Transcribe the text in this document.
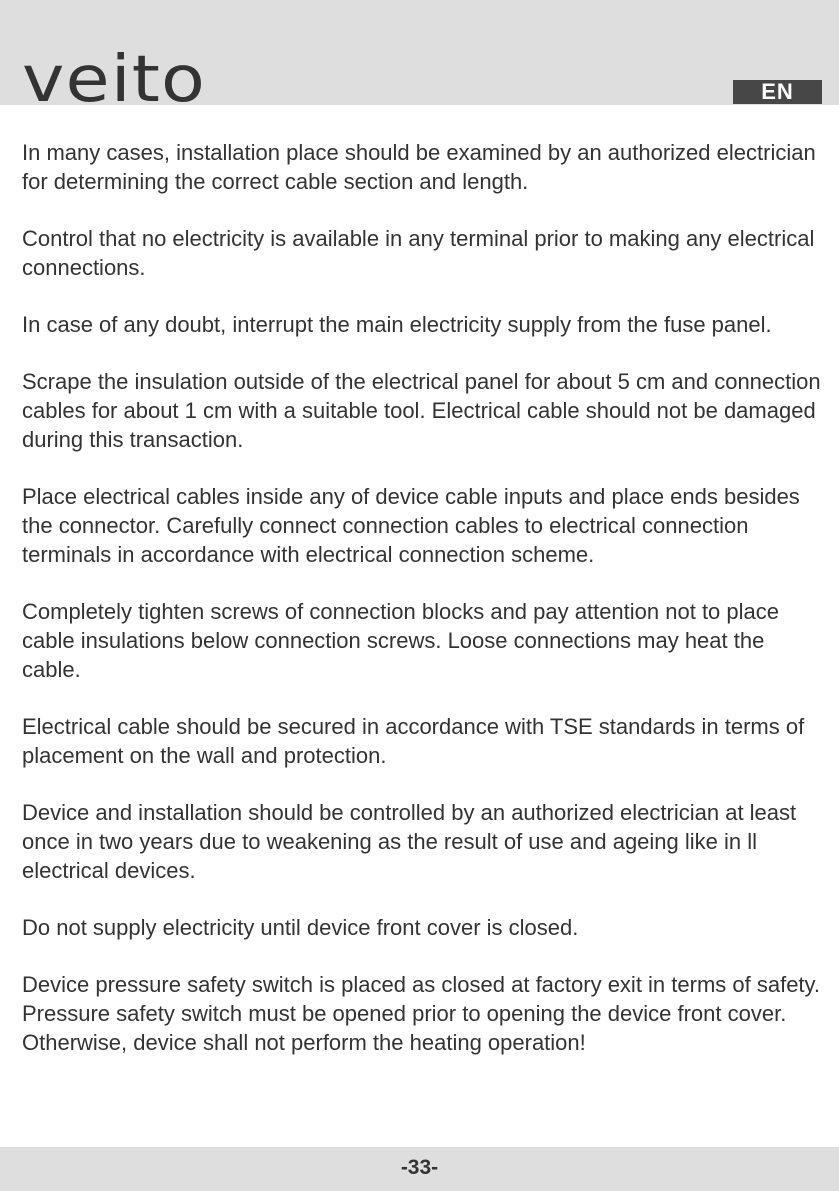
veito	EN

In many cases, installation place should be examined by an authorized electrician for determining the correct cable section and length.

Control that no electricity is available in any terminal prior to making any electrical connections.

In case of any doubt, interrupt the main electricity supply from the fuse panel.

Scrape the insulation outside of the electrical panel for about 5 cm and connection cables for about 1 cm with a suitable tool. Electrical cable should not be damaged during this transaction.

Place electrical cables inside any of device cable inputs and place ends besides the connector. Carefully connect connection cables to electrical connection terminals in accordance with electrical connection scheme.

Completely tighten screws of connection blocks and pay attention not to place cable insulations below connection screws. Loose connections may heat the cable.

Electrical cable should be secured in accordance with TSE standards in terms of placement on the wall and protection.

Device and installation should be controlled by an authorized electrician at least once in two years due to weakening as the result of use and ageing like in ll electrical devices.

Do not supply electricity until device front cover is closed.

Device pressure safety switch is placed as closed at factory exit in terms of safety. Pressure safety switch must be opened prior to opening the device front cover. Otherwise, device shall not perform the heating operation!

-33-
